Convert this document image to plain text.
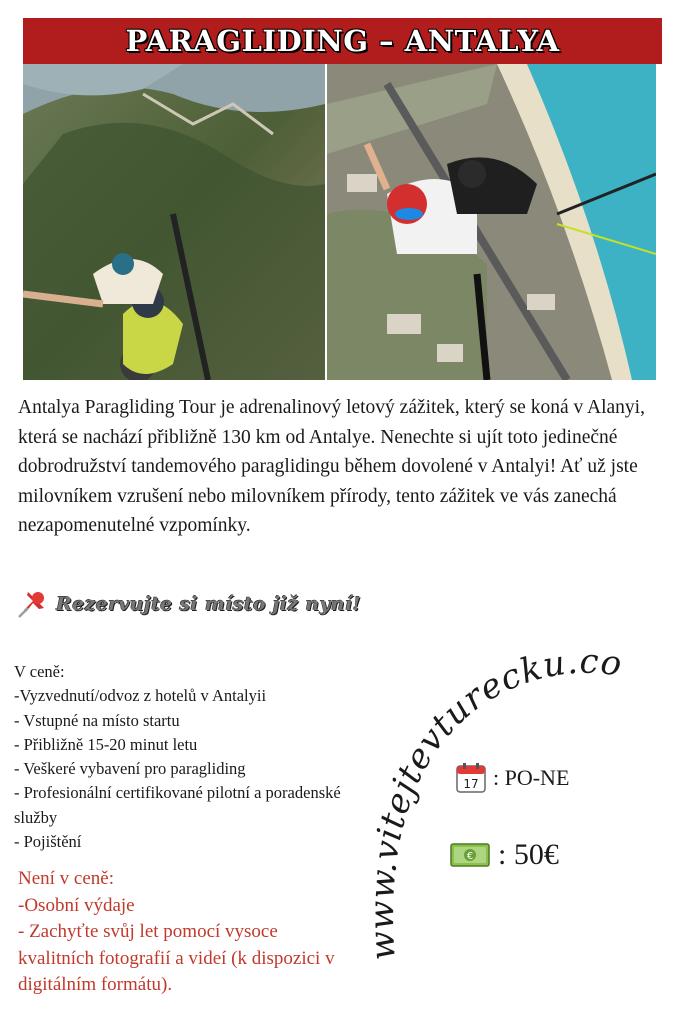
PARAGLIDING – ANTALYA

Antalya Paragliding Tour je adrenalinový letový zážitek, který se koná v Alanyi, která se nachází přibližně 130 km od Antalye. Nenechte si ujít toto jedinečné dobrodružství tandemového paraglidingu během dovolené v Antalyi! Ať už jste milovníkem vzrušení nebo milovníkem přírody, tento zážitek ve vás zanechá nezapomenutelné vzpomínky.

Rezervujte si místo již nyní!
V ceně:
-Vyzvednutí/odvoz z hotelů v Antalyii
- Vstupné na místo startu
- Přibližně 15-20 minut letu
- Veškeré vybavení pro paragliding
- Profesionální certifikované pilotní a poradenské služby
- Pojištění
Není v ceně:
-Osobní výdaje
- Zachyťte svůj let pomocí vysoce kvalitních fotografií a videí (k dispozici v digitálním formátu).
www.vitejtevturecku.com
17 : PO-NE
€ : 50€
